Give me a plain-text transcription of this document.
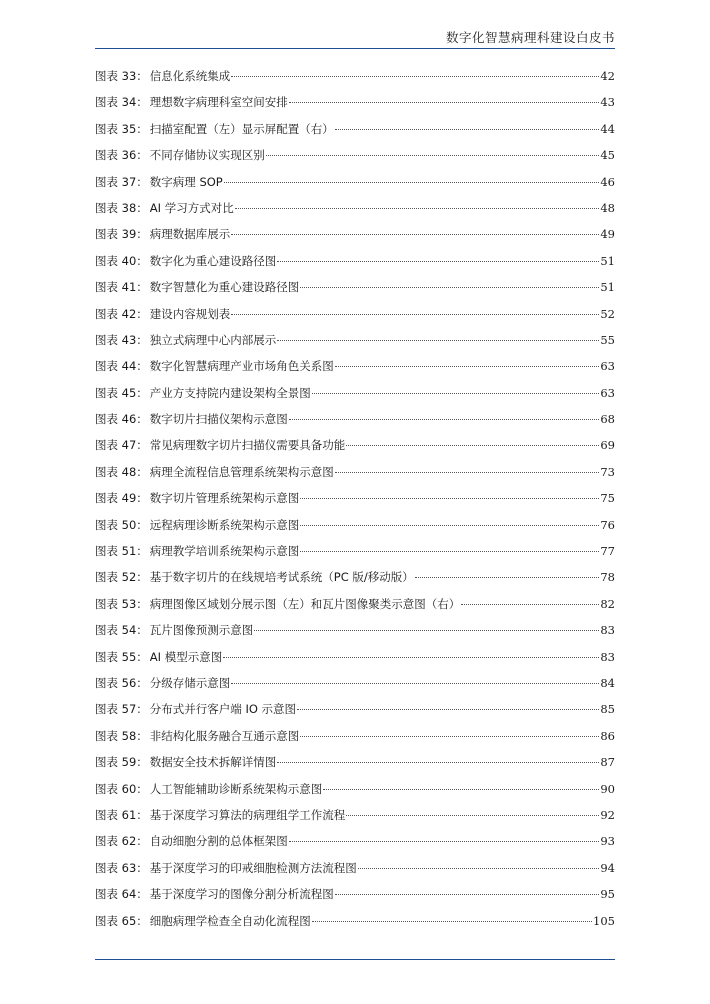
数字化智慧病理科建设白皮书
图表 33： 信息化系统集成	42
图表 34： 理想数字病理科室空间安排	43
图表 35： 扫描室配置（左）显示屏配置（右）	44
图表 36： 不同存储协议实现区别	45
图表 37： 数字病理 SOP	46
图表 38： AI 学习方式对比	48
图表 39： 病理数据库展示	49
图表 40： 数字化为重心建设路径图	51
图表 41： 数字智慧化为重心建设路径图	51
图表 42： 建设内容规划表	52
图表 43： 独立式病理中心内部展示	55
图表 44： 数字化智慧病理产业市场角色关系图	63
图表 45： 产业方支持院内建设架构全景图	63
图表 46： 数字切片扫描仪架构示意图	68
图表 47： 常见病理数字切片扫描仪需要具备功能	69
图表 48： 病理全流程信息管理系统架构示意图	73
图表 49： 数字切片管理系统架构示意图	75
图表 50： 远程病理诊断系统架构示意图	76
图表 51： 病理教学培训系统架构示意图	77
图表 52： 基于数字切片的在线规培考试系统（PC 版/移动版）	78
图表 53： 病理图像区域划分展示图（左）和瓦片图像聚类示意图（右）	82
图表 54： 瓦片图像预测示意图	83
图表 55： AI 模型示意图	83
图表 56： 分级存储示意图	84
图表 57： 分布式并行客户端 IO 示意图	85
图表 58： 非结构化服务融合互通示意图	86
图表 59： 数据安全技术拆解详情图	87
图表 60： 人工智能辅助诊断系统架构示意图	90
图表 61： 基于深度学习算法的病理组学工作流程	92
图表 62： 自动细胞分割的总体框架图	93
图表 63： 基于深度学习的印戒细胞检测方法流程图	94
图表 64： 基于深度学习的图像分割分析流程图	95
图表 65： 细胞病理学检查全自动化流程图	105
